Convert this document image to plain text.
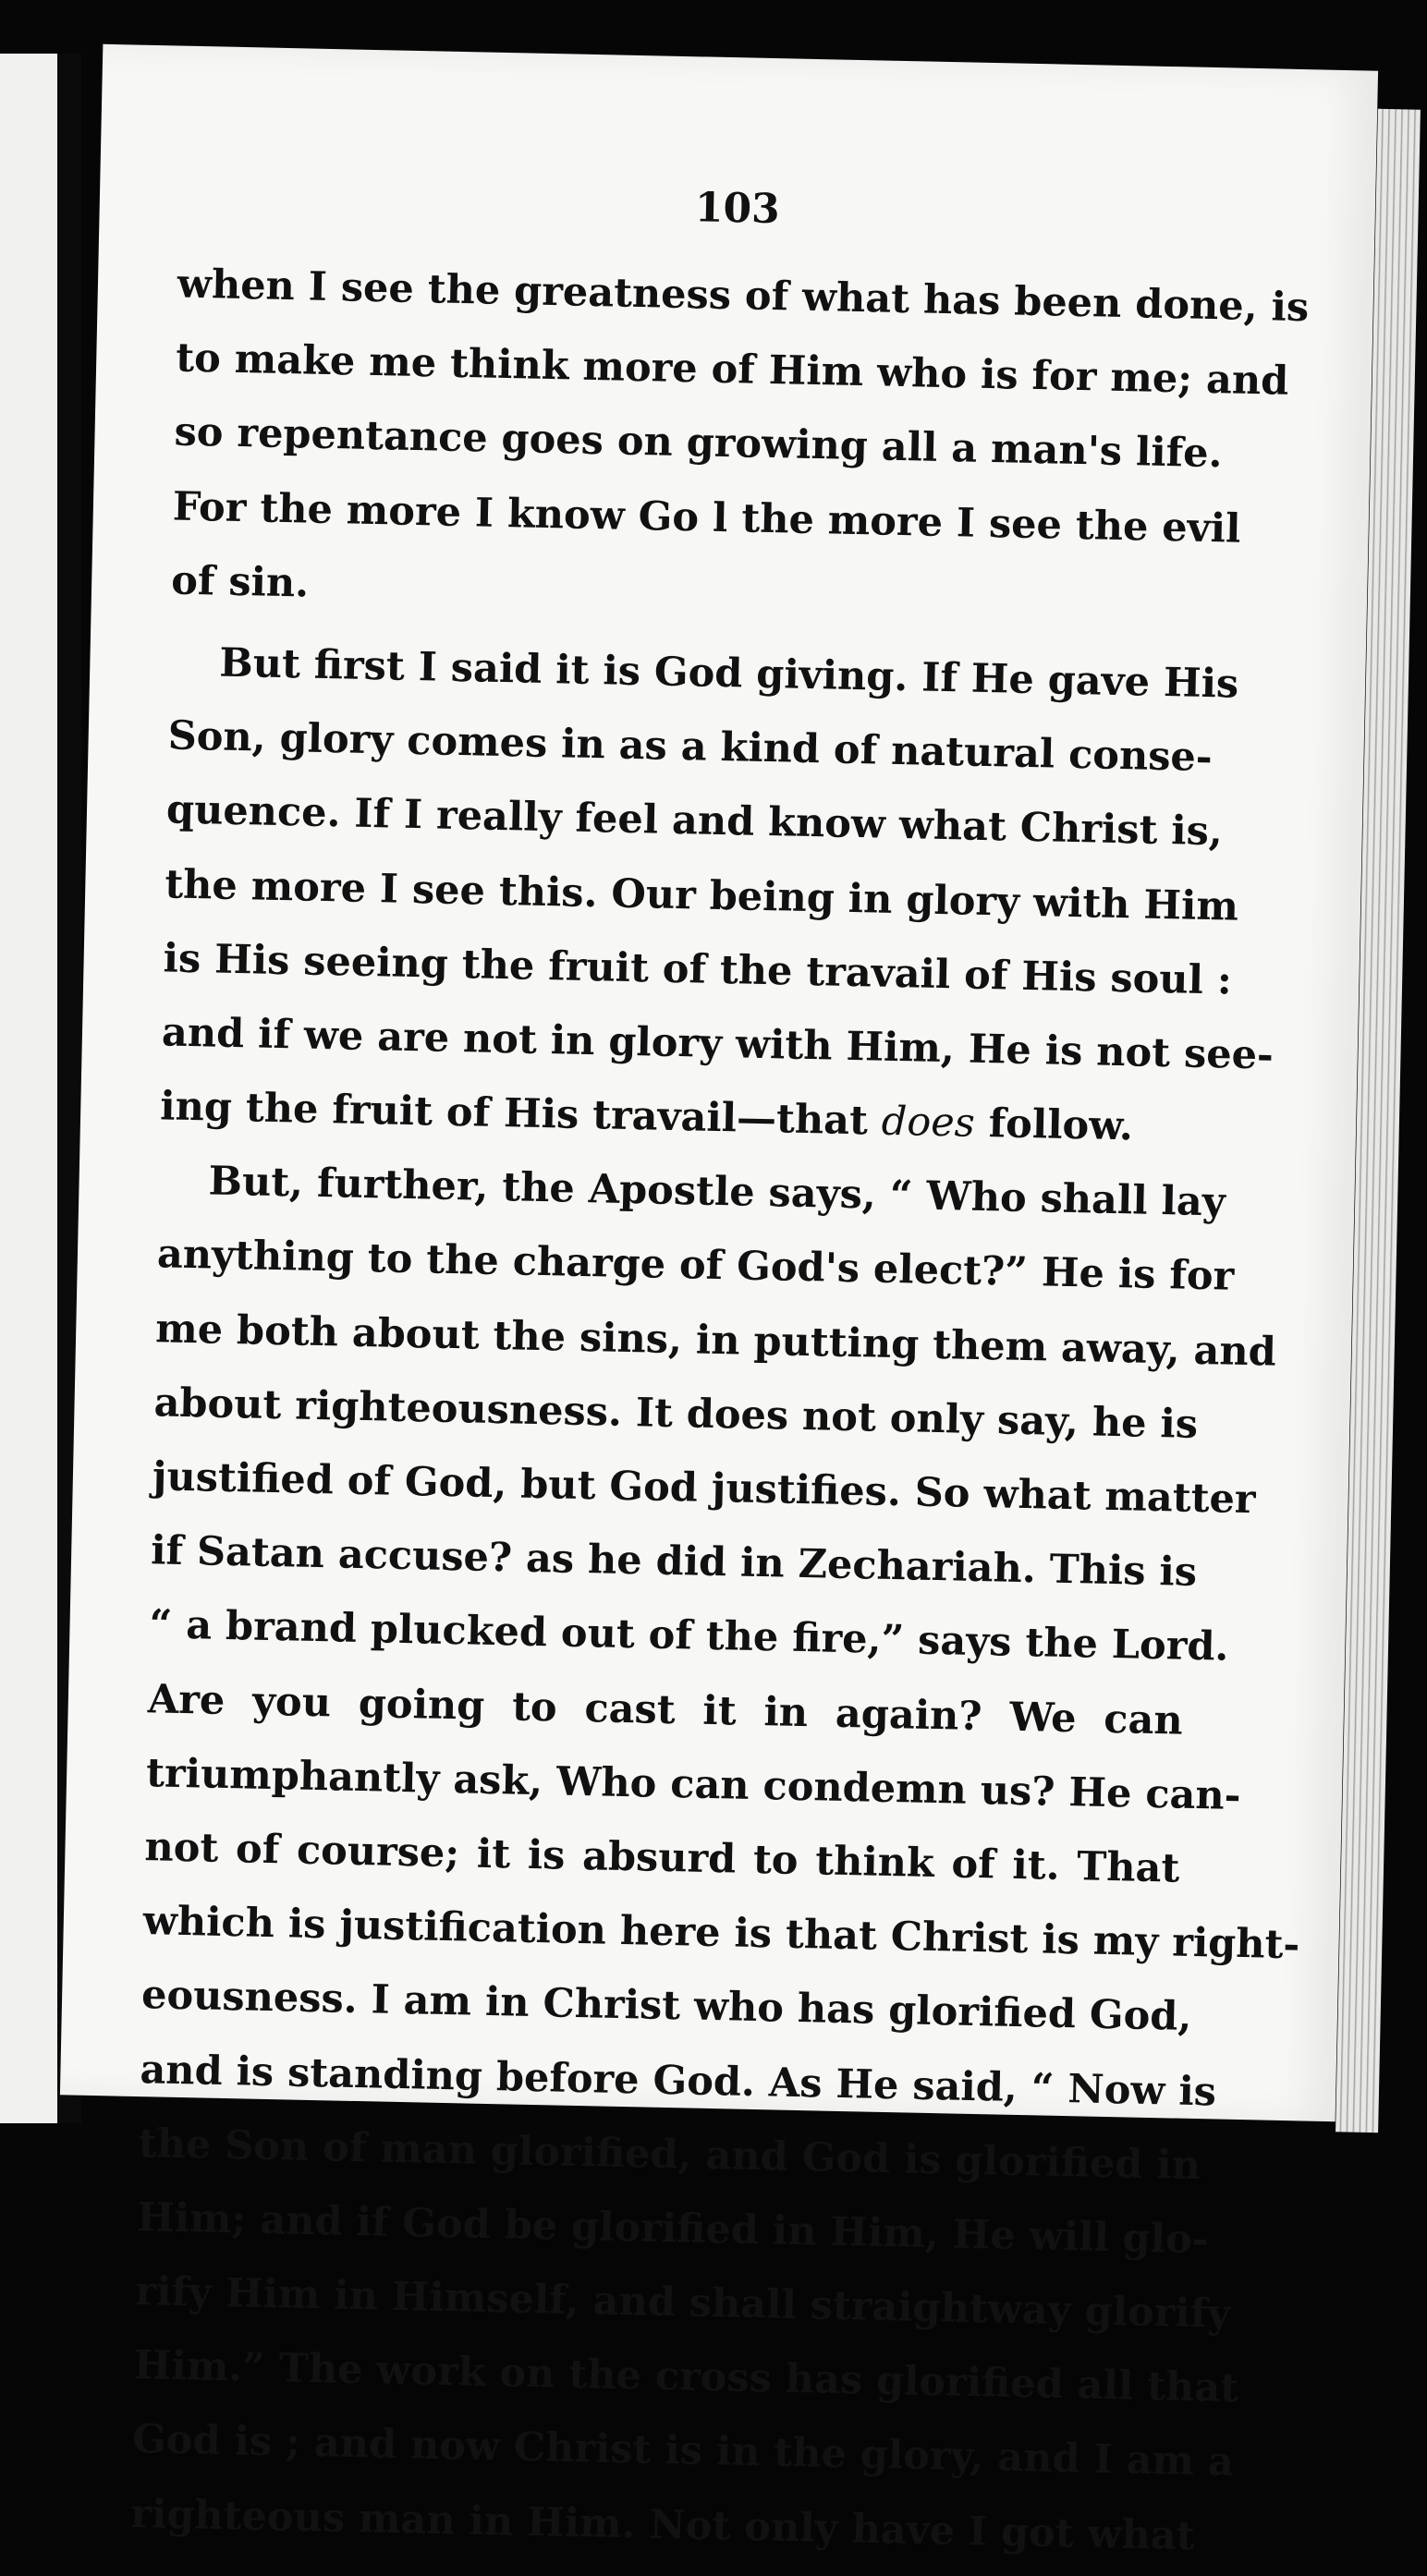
103
when I see the greatness of what has been done, is
to make me think more of Him who is for me; and
so repentance goes on growing all a man's life.
For the more I know Go l the more I see the evil
of sin.
But first I said it is God giving. If He gave His
Son, glory comes in as a kind of natural conse-
quence. If I really feel and know what Christ is,
the more I see this. Our being in glory with Him
is His seeing the fruit of the travail of His soul :
and if we are not in glory with Him, He is not see-
ing the fruit of His travail—that does follow.
But, further, the Apostle says, “ Who shall lay
anything to the charge of God's elect?” He is for
me both about the sins, in putting them away, and
about righteousness. It does not only say, he is
justified of God, but God justifies. So what matter
if Satan accuse? as he did in Zechariah. This is
“ a brand plucked out of the fire,” says the Lord.
Are you going to cast it in again? We can
triumphantly ask, Who can condemn us? He can-
not of course; it is absurd to think of it. That
which is justification here is that Christ is my right-
eousness. I am in Christ who has glorified God,
and is standing before God. As He said, “ Now is
the Son of man glorified, and God is glorified in
Him; and if God be glorified in Him, He will glo-
rify Him in Himself, and shall straightway glorify
Him.” The work on the cross has glorified all that
God is ; and now Christ is in the glory, and I am a
righteous man in Him. Not only have I got what
